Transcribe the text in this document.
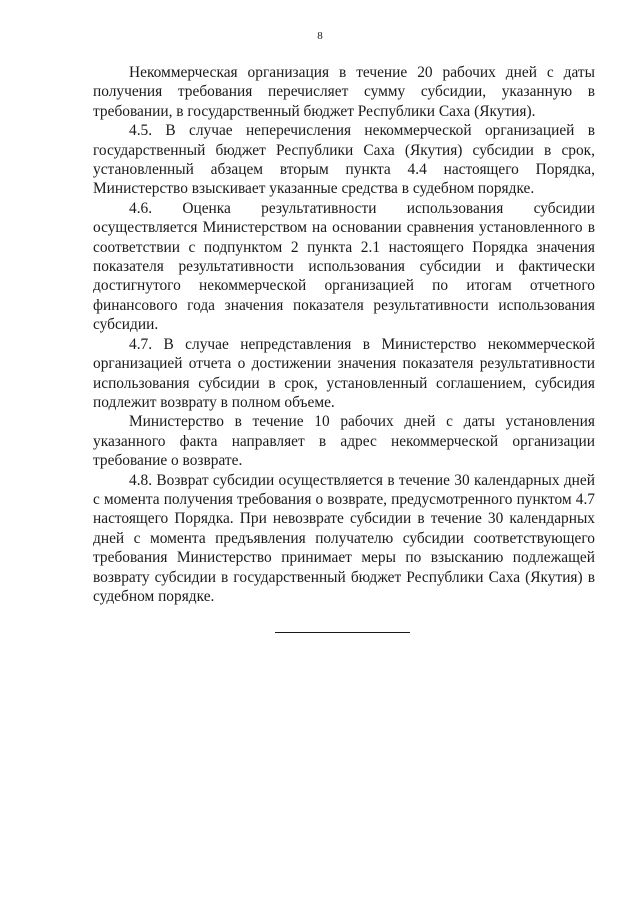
8

Некоммерческая организация в течение 20 рабочих дней с даты получения требования перечисляет сумму субсидии, указанную в требовании, в государственный бюджет Республики Саха (Якутия).

4.5. В случае неперечисления некоммерческой организацией в государственный бюджет Республики Саха (Якутия) субсидии в срок, установленный абзацем вторым пункта 4.4 настоящего Порядка, Министерство взыскивает указанные средства в судебном порядке.

4.6. Оценка результативности использования субсидии осуществляется Министерством на основании сравнения установленного в соответствии с подпунктом 2 пункта 2.1 настоящего Порядка значения показателя результативности использования субсидии и фактически достигнутого некоммерческой организацией по итогам отчетного финансового года значения показателя результативности использования субсидии.

4.7. В случае непредставления в Министерство некоммерческой организацией отчета о достижении значения показателя результативности использования субсидии в срок, установленный соглашением, субсидия подлежит возврату в полном объеме.

Министерство в течение 10 рабочих дней с даты установления указанного факта направляет в адрес некоммерческой организации требование о возврате.

4.8. Возврат субсидии осуществляется в течение 30 календарных дней с момента получения требования о возврате, предусмотренного пунктом 4.7 настоящего Порядка. При невозврате субсидии в течение 30 календарных дней с момента предъявления получателю субсидии соответствующего требования Министерство принимает меры по взысканию подлежащей возврату субсидии в государственный бюджет Республики Саха (Якутия) в судебном порядке.
